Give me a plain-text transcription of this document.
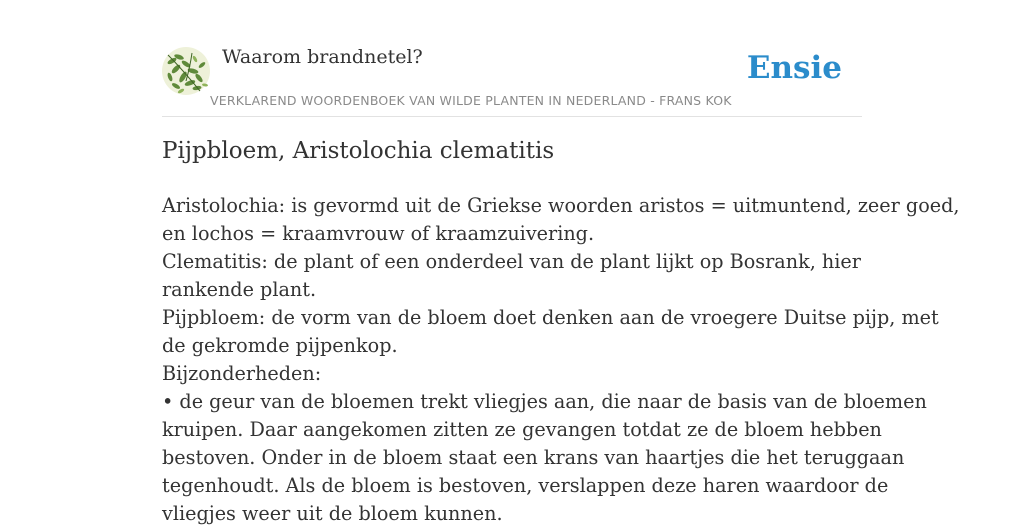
Waarom brandnetel?
VERKLAREND WOORDENBOEK VAN WILDE PLANTEN IN NEDERLAND - FRANS KOK
Ensie
Pijpbloem, Aristolochia clematitis
Aristolochia: is gevormd uit de Griekse woorden aristos = uitmuntend, zeer goed,
en lochos = kraamvrouw of kraamzuivering.
Clematitis: de plant of een onderdeel van de plant lijkt op Bosrank, hier
rankende plant.
Pijpbloem: de vorm van de bloem doet denken aan de vroegere Duitse pijp, met
de gekromde pijpenkop.
Bijzonderheden:
• de geur van de bloemen trekt vliegjes aan, die naar de basis van de bloemen
kruipen. Daar aangekomen zitten ze gevangen totdat ze de bloem hebben
bestoven. Onder in de bloem staat een krans van haartjes die het teruggaan
tegenhoudt. Als de bloem is bestoven, verslappen deze haren waardoor de
vliegjes weer uit de bloem kunnen.
